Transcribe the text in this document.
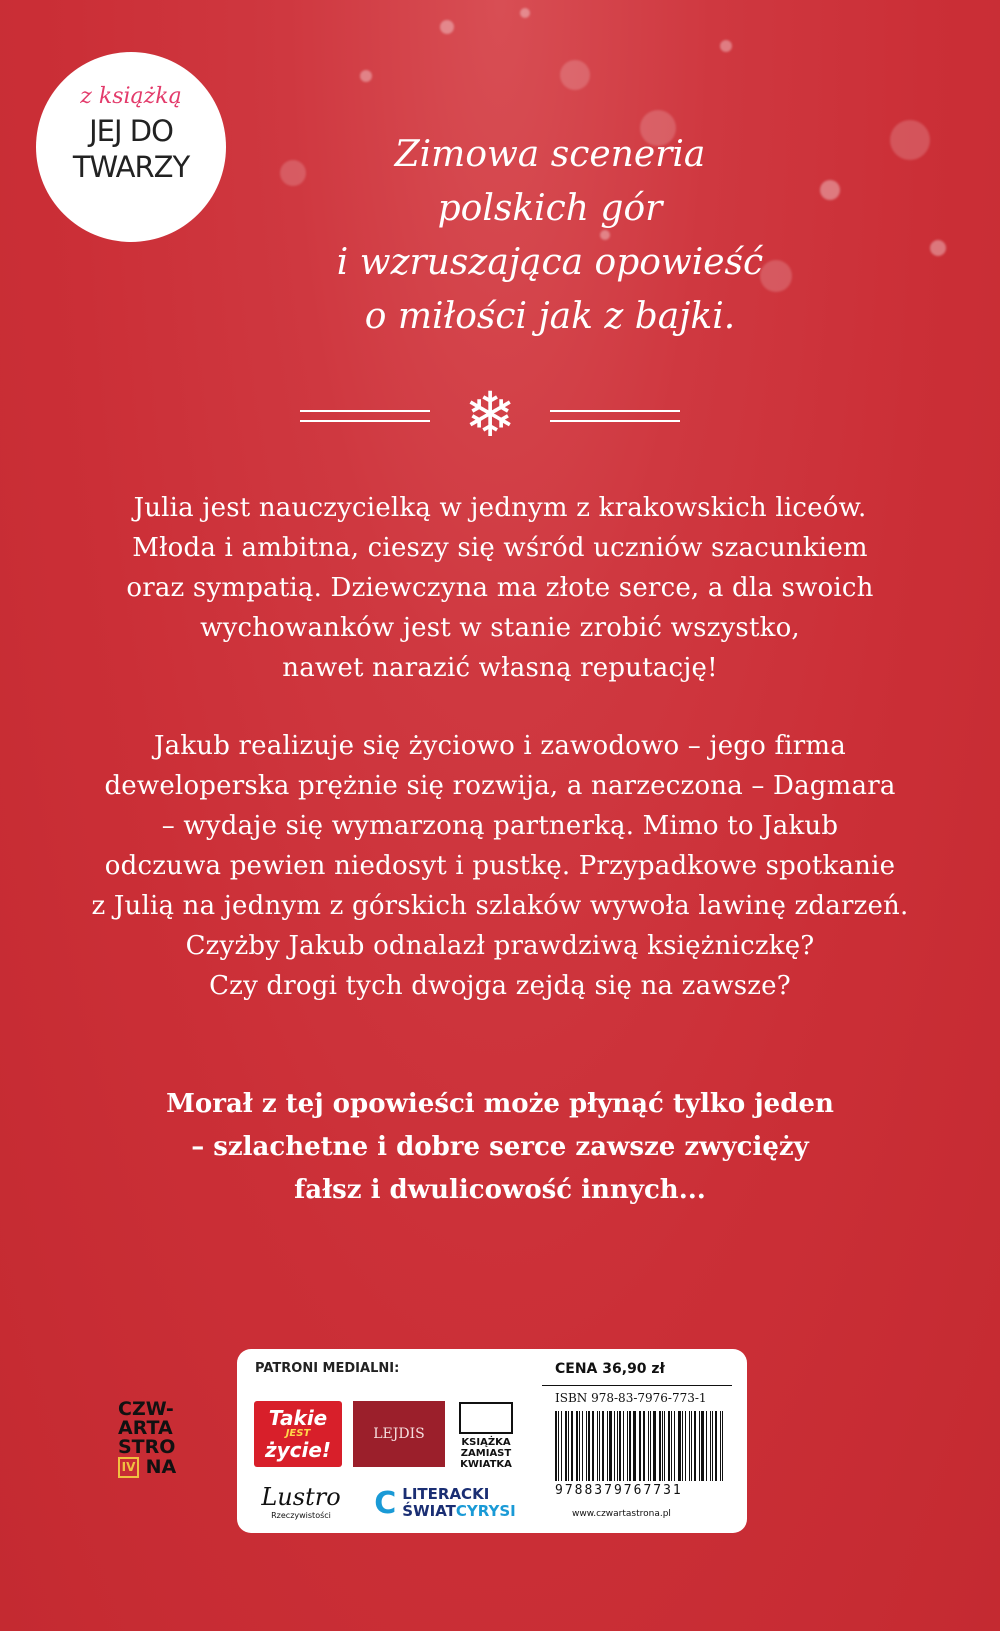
z książką
JEJ DO
TWARZY	Zimowa sceneria
polskich gór
i wzruszająca opowieść
o miłości jak z bajki.
❄
Julia jest nauczycielką w jednym z krakowskich liceów.
Młoda i ambitna, cieszy się wśród uczniów szacunkiem
oraz sympatią. Dziewczyna ma złote serce, a dla swoich
wychowanków jest w stanie zrobić wszystko,
nawet narazić własną reputację!
Jakub realizuje się życiowo i zawodowo – jego firma
deweloperska prężnie się rozwija, a narzeczona – Dagmara
– wydaje się wymarzoną partnerką. Mimo to Jakub
odczuwa pewien niedosyt i pustkę. Przypadkowe spotkanie
z Julią na jednym z górskich szlaków wywoła lawinę zdarzeń.
Czyżby Jakub odnalazł prawdziwą księżniczkę?
Czy drogi tych dwojga zejdą się na zawsze?
Morał z tej opowieści może płynąć tylko jeden
– szlachetne i dobre serce zawsze zwycięży
fałsz i dwulicowość innych...
CZW-
ARTA
STRO
IV NA
PATRONI MEDIALNI:
Takie
JEST
życie!
LEJDIS
KSIĄŻKA
ZAMIAST
KWIATKA
Lustro
Rzeczywistości C LITERACKI
ŚWIATCYRYSI
CENA 36,90 zł
ISBN 978-83-7976-773-1
9788379767731
www.czwartastrona.pl
